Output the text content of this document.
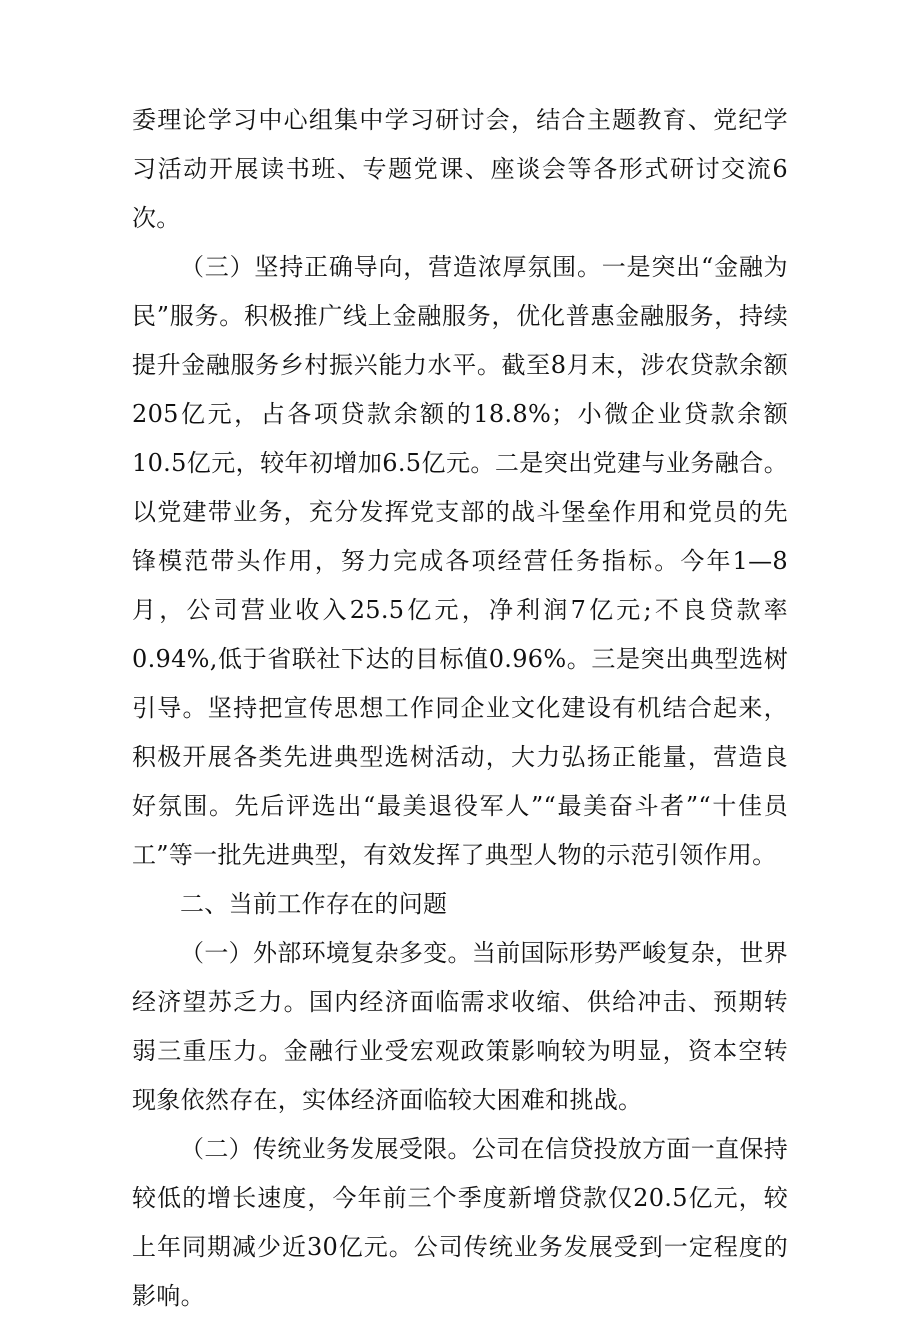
委理论学习中心组集中学习研讨会，结合主题教育、党纪学习活动开展读书班、专题党课、座谈会等各形式研讨交流6次。

（三）坚持正确导向，营造浓厚氛围。一是突出“金融为民”服务。积极推广线上金融服务，优化普惠金融服务，持续提升金融服务乡村振兴能力水平。截至8月末，涉农贷款余额205亿元，占各项贷款余额的18.8%；小微企业贷款余额10.5亿元，较年初增加6.5亿元。二是突出党建与业务融合。以党建带业务，充分发挥党支部的战斗堡垒作用和党员的先锋模范带头作用，努力完成各项经营任务指标。今年1—8月，公司营业收入25.5亿元，净利润7亿元;不良贷款率0.94%,低于省联社下达的目标值0.96%。三是突出典型选树引导。坚持把宣传思想工作同企业文化建设有机结合起来，积极开展各类先进典型选树活动，大力弘扬正能量，营造良好氛围。先后评选出“最美退役军人”“最美奋斗者”“十佳员工”等一批先进典型，有效发挥了典型人物的示范引领作用。

二、当前工作存在的问题

（一）外部环境复杂多变。当前国际形势严峻复杂，世界经济望苏乏力。国内经济面临需求收缩、供给冲击、预期转弱三重压力。金融行业受宏观政策影响较为明显，资本空转现象依然存在，实体经济面临较大困难和挑战。

（二）传统业务发展受限。公司在信贷投放方面一直保持较低的增长速度，今年前三个季度新增贷款仅20.5亿元，较上年同期减少近30亿元。公司传统业务发展受到一定程度的影响。
